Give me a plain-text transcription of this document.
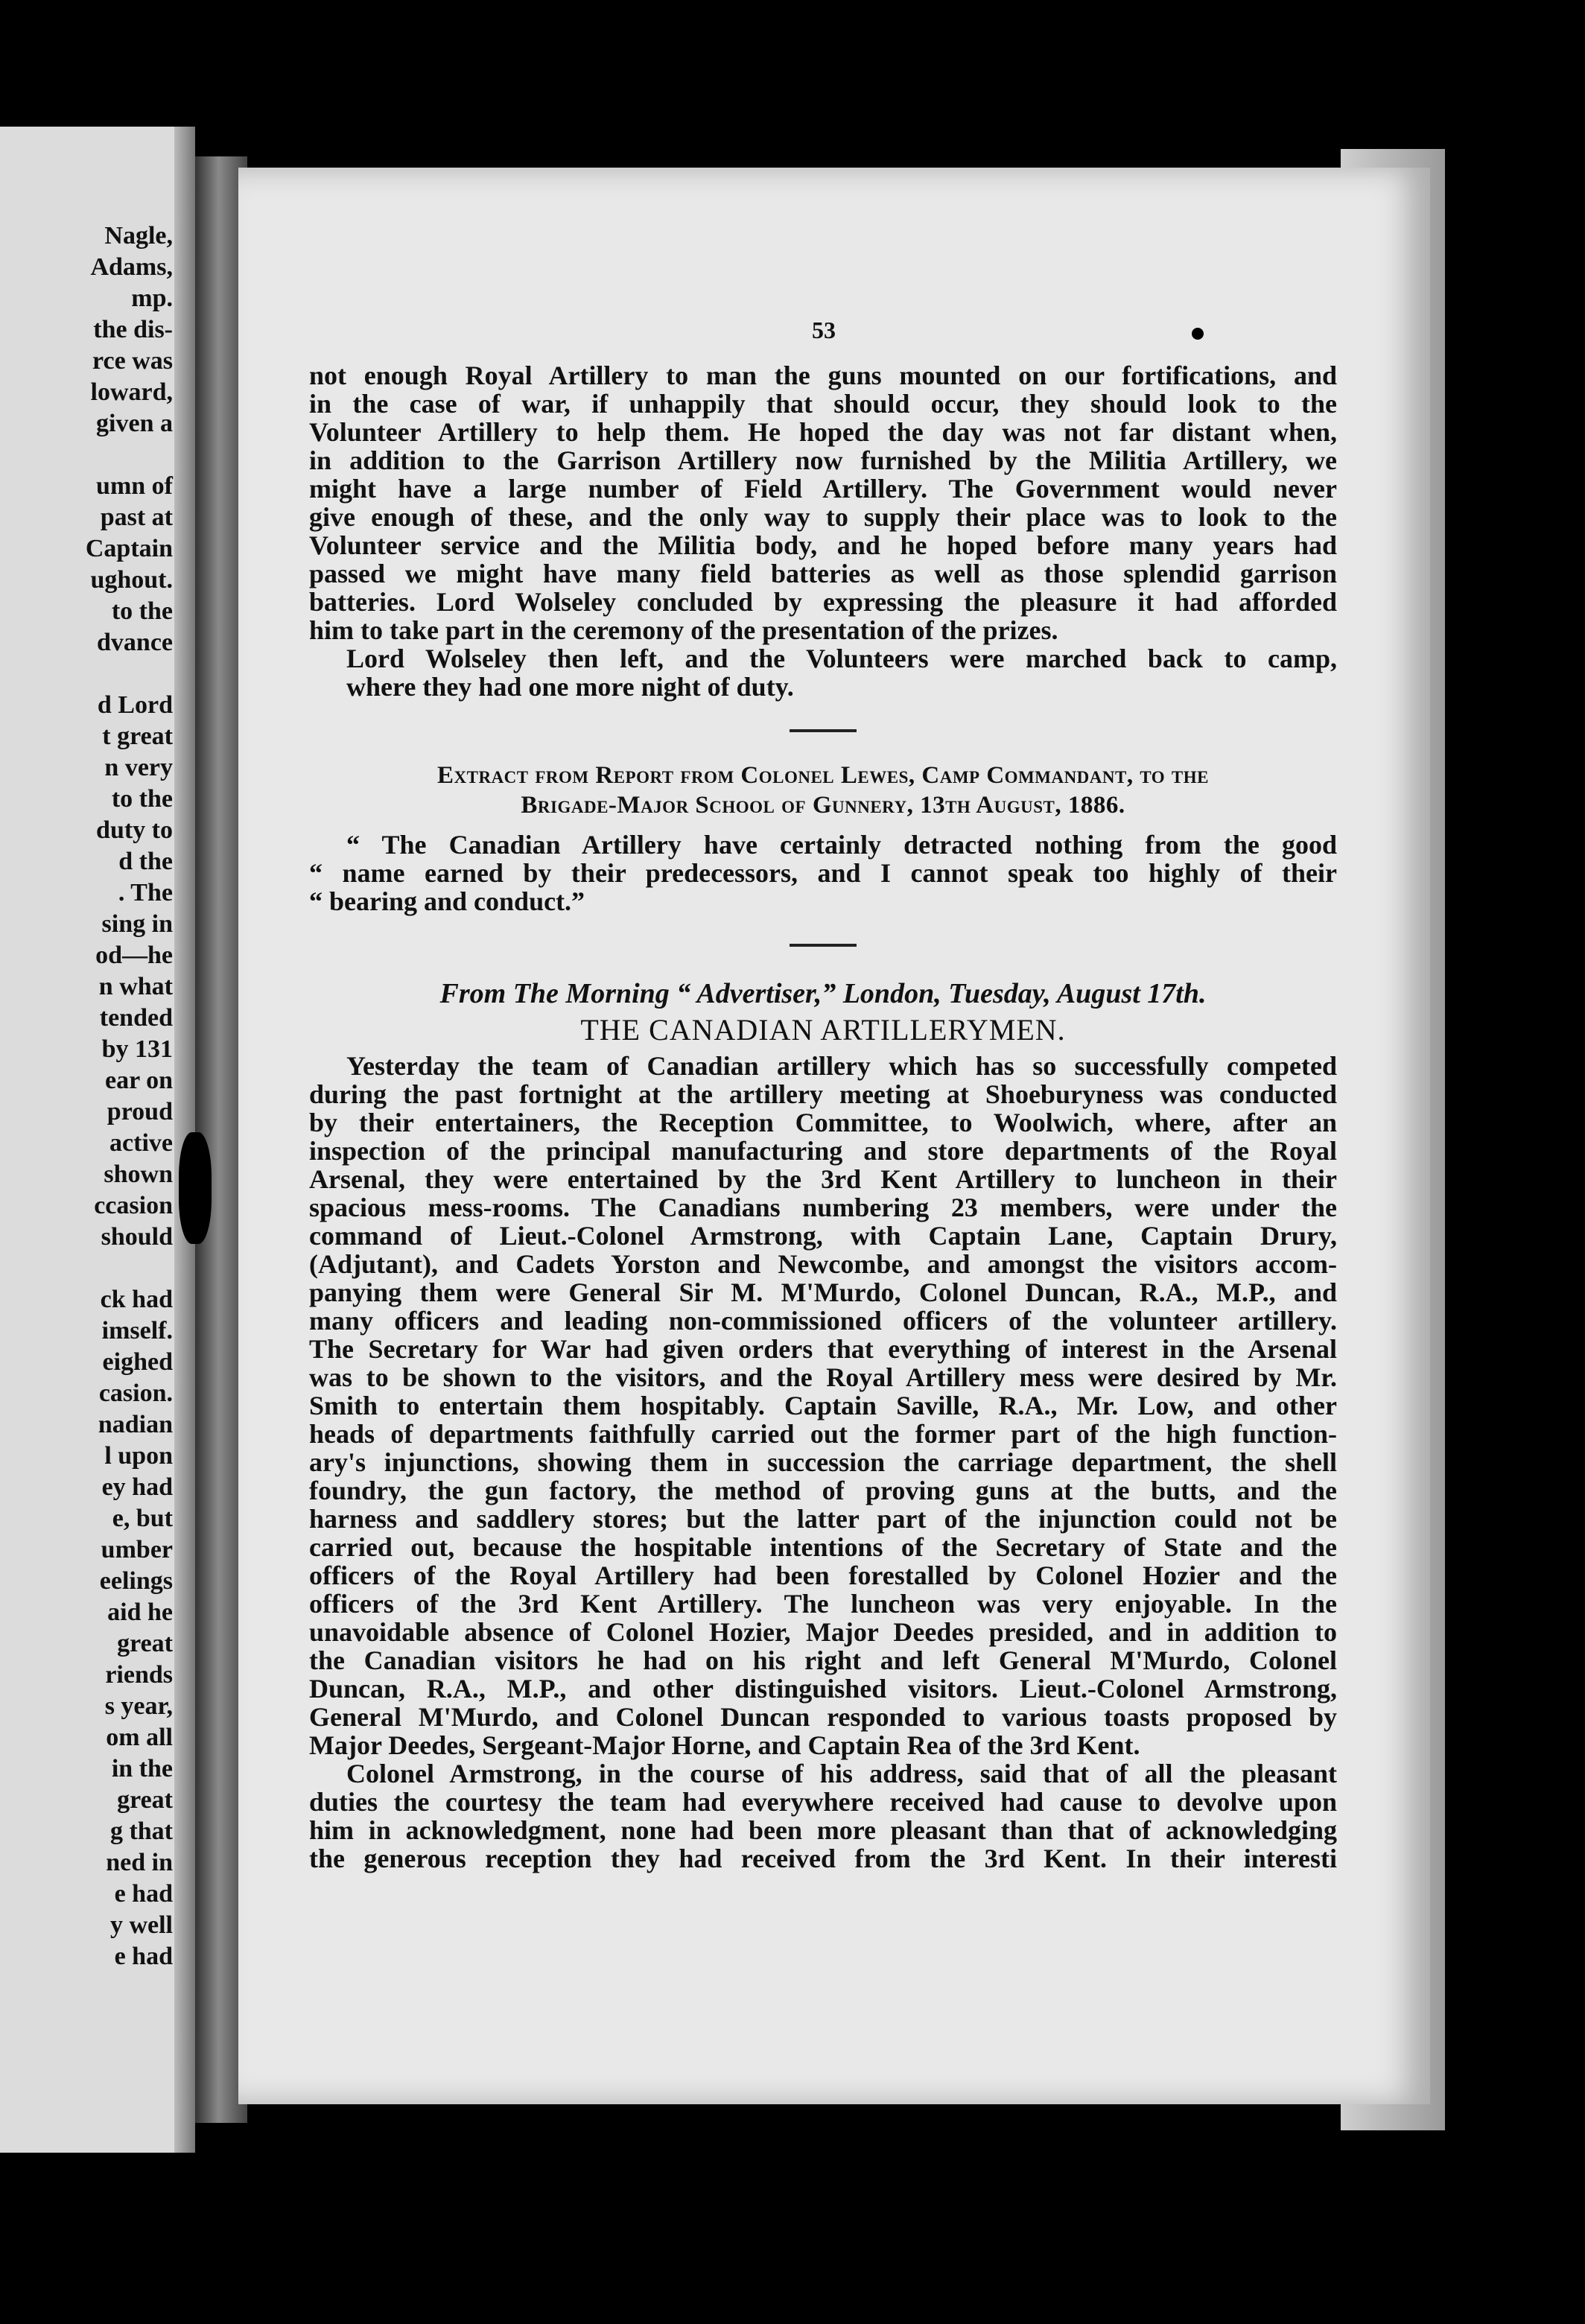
Nagle,
Adams,
mp.
the dis-
rce was
loward,
given a
umn of
past at
Captain
ughout.
to the
dvance
d Lord
t great
n very
to the
duty to
d the
. The
sing in
od—he
n what
tended
by 131
ear on
proud
active
shown
ccasion
should
ck had
imself.
eighed
casion.
nadian
l upon
ey had
e, but
umber
eelings
aid he
great
riends
s year,
om all
in the
great
g that
ned in
e had
y well
e had
53
not enough Royal Artillery to man the guns mounted on our fortifications, and
in the case of war, if unhappily that should occur, they should look to the
Volunteer Artillery to help them. He hoped the day was not far distant when,
in addition to the Garrison Artillery now furnished by the Militia Artillery, we
might have a large number of Field Artillery. The Government would never
give enough of these, and the only way to supply their place was to look to the
Volunteer service and the Militia body, and he hoped before many years had
passed we might have many field batteries as well as those splendid garrison
batteries. Lord Wolseley concluded by expressing the pleasure it had afforded
him to take part in the ceremony of the presentation of the prizes.
Lord Wolseley then left, and the Volunteers were marched back to camp,
where they had one more night of duty.
Extract from Report from Colonel Lewes, Camp Commandant, to the
Brigade-Major School of Gunnery, 13th August, 1886.
“ The Canadian Artillery have certainly detracted nothing from the good
“ name earned by their predecessors, and I cannot speak too highly of their
“ bearing and conduct.”

From The Morning “ Advertiser,” London, Tuesday, August 17th.

THE CANADIAN ARTILLERYMEN.

Yesterday the team of Canadian artillery which has so successfully competed
during the past fortnight at the artillery meeting at Shoeburyness was conducted
by their entertainers, the Reception Committee, to Woolwich, where, after an
inspection of the principal manufacturing and store departments of the Royal
Arsenal, they were entertained by the 3rd Kent Artillery to luncheon in their
spacious mess-rooms. The Canadians numbering 23 members, were under the
command of Lieut.-Colonel Armstrong, with Captain Lane, Captain Drury,
(Adjutant), and Cadets Yorston and Newcombe, and amongst the visitors accom-
panying them were General Sir M. M'Murdo, Colonel Duncan, R.A., M.P., and
many officers and leading non-commissioned officers of the volunteer artillery.
The Secretary for War had given orders that everything of interest in the Arsenal
was to be shown to the visitors, and the Royal Artillery mess were desired by Mr.
Smith to entertain them hospitably. Captain Saville, R.A., Mr. Low, and other
heads of departments faithfully carried out the former part of the high function-
ary's injunctions, showing them in succession the carriage department, the shell
foundry, the gun factory, the method of proving guns at the butts, and the
harness and saddlery stores; but the latter part of the injunction could not be
carried out, because the hospitable intentions of the Secretary of State and the
officers of the Royal Artillery had been forestalled by Colonel Hozier and the
officers of the 3rd Kent Artillery. The luncheon was very enjoyable. In the
unavoidable absence of Colonel Hozier, Major Deedes presided, and in addition to
the Canadian visitors he had on his right and left General M'Murdo, Colonel
Duncan, R.A., M.P., and other distinguished visitors. Lieut.-Colonel Armstrong,
General M'Murdo, and Colonel Duncan responded to various toasts proposed by
Major Deedes, Sergeant-Major Horne, and Captain Rea of the 3rd Kent.
Colonel Armstrong, in the course of his address, said that of all the pleasant
duties the courtesy the team had everywhere received had cause to devolve upon
him in acknowledgment, none had been more pleasant than that of acknowledging
the generous reception they had received from the 3rd Kent. In their interesti
